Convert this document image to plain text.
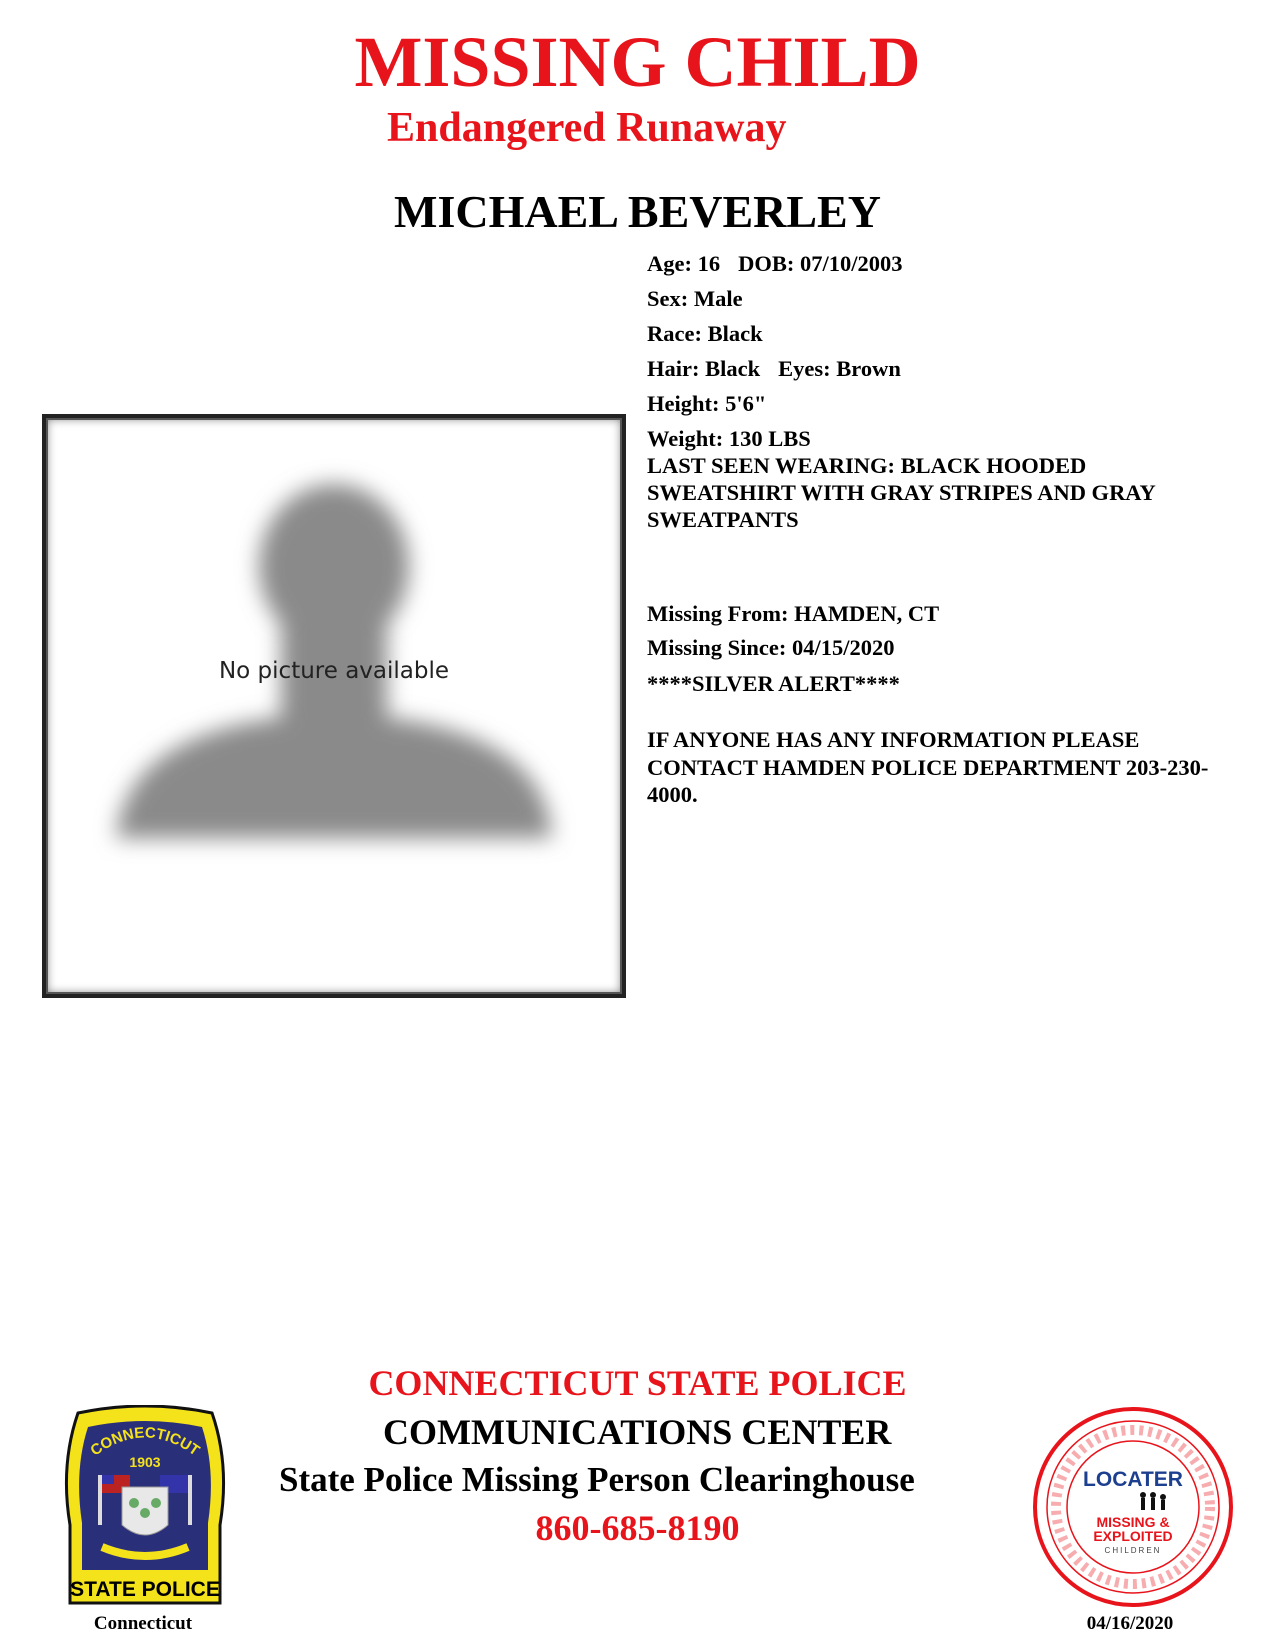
MISSING CHILD
Endangered Runaway
MICHAEL BEVERLEY
Age: 16 DOB: 07/10/2003
Sex: Male
Race: Black
Hair: Black Eyes: Brown
Height: 5'6"
Weight: 130 LBS
LAST SEEN WEARING: BLACK HOODED SWEATSHIRT WITH GRAY STRIPES AND GRAY SWEATPANTS
Missing From: HAMDEN, CT
Missing Since: 04/15/2020
****SILVER ALERT****
IF ANYONE HAS ANY INFORMATION PLEASE CONTACT HAMDEN POLICE DEPARTMENT 203-230-4000.
No picture available
CONNECTICUT STATE POLICE
COMMUNICATIONS CENTER
State Police Missing Person Clearinghouse
860-685-8190
CONNECTICUT
1903
STATE POLICE
Connecticut
LOCATER
MISSING &
EXPLOITED
CHILDREN
04/16/2020
